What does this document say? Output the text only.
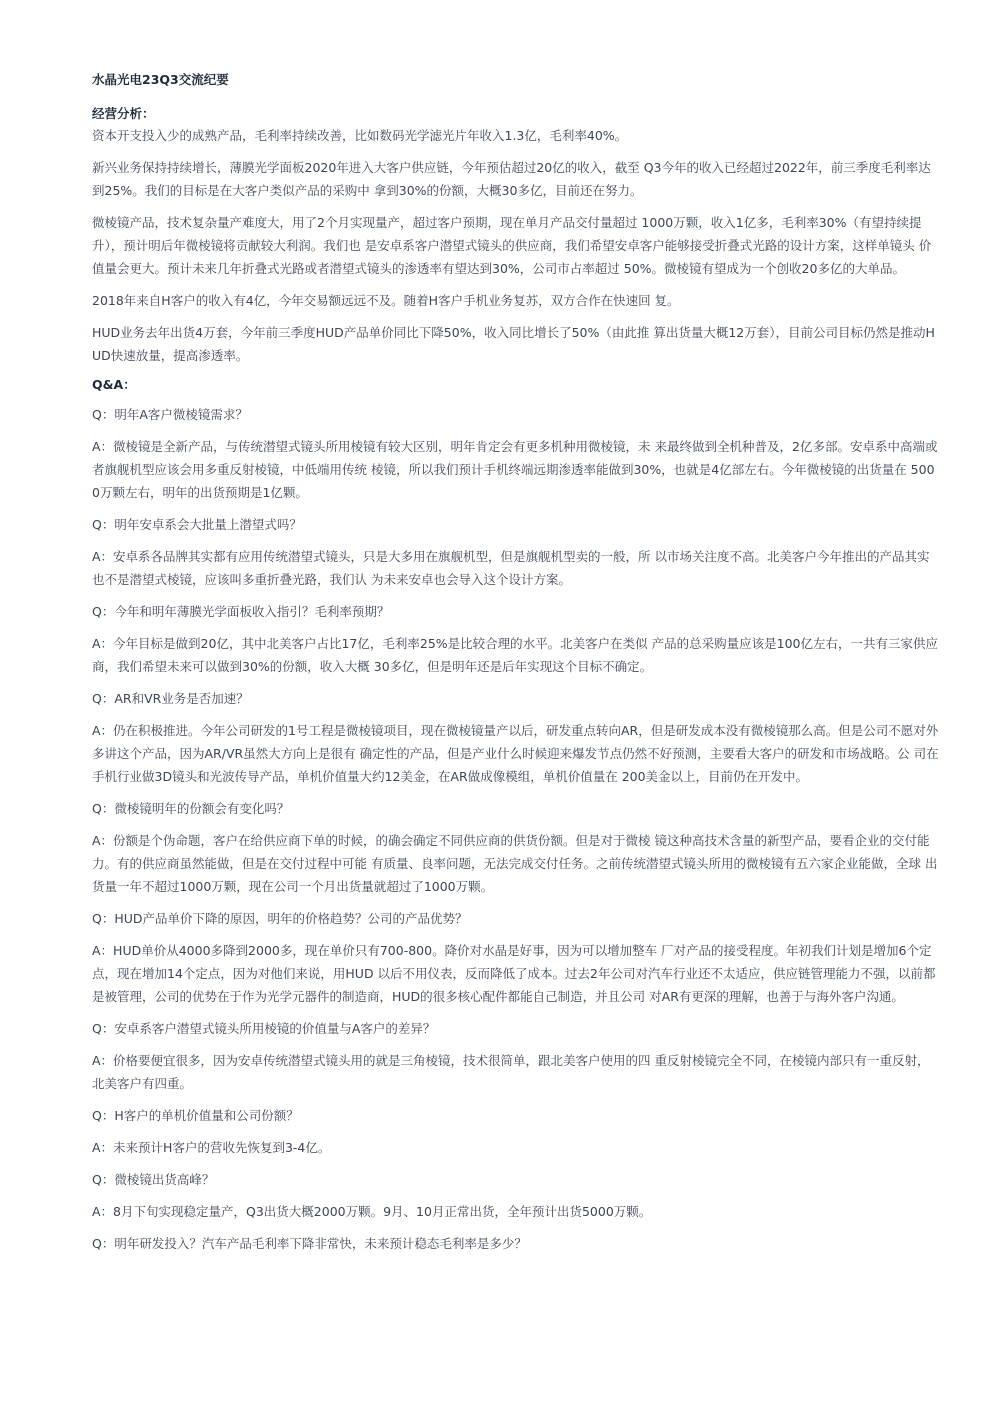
水晶光电23Q3交流纪要

经营分析：

资本开支投入少的成熟产品，毛利率持续改善，比如数码光学滤光片年收入1.3亿，毛利率40%。

新兴业务保持持续增长，薄膜光学面板2020年进入大客户供应链，今年预估超过20亿的收入，截至 Q3今年的收入已经超过2022年，前三季度毛利率达到25%。我们的目标是在大客户类似产品的采购中 拿到30%的份额，大概30多亿，目前还在努力。

微棱镜产品，技术复杂量产难度大，用了2个月实现量产，超过客户预期，现在单月产品交付量超过 1000万颗，收入1亿多，毛利率30%（有望持续提升），预计明后年微棱镜将贡献较大利润。我们也 是安卓系客户潜望式镜头的供应商，我们希望安卓客户能够接受折叠式光路的设计方案，这样单镜头 价值量会更大。预计未来几年折叠式光路或者潜望式镜头的渗透率有望达到30%，公司市占率超过 50%。微棱镜有望成为一个创收20多亿的大单品。

2018年来自H客户的收入有4亿，今年交易额远远不及。随着H客户手机业务复苏，双方合作在快速回 复。

HUD业务去年出货4万套，今年前三季度HUD产品单价同比下降50%，收入同比增长了50%（由此推 算出货量大概12万套），目前公司目标仍然是推动HUD快速放量，提高渗透率。

Q&A：

Q：明年A客户微棱镜需求？

A：微棱镜是全新产品，与传统潜望式镜头所用棱镜有较大区别，明年肯定会有更多机种用微棱镜，未 来最终做到全机种普及，2亿多部。安卓系中高端或者旗舰机型应该会用多重反射棱镜，中低端用传统 棱镜，所以我们预计手机终端远期渗透率能做到30%，也就是4亿部左右。今年微棱镜的出货量在 5000万颗左右，明年的出货预期是1亿颗。

Q：明年安卓系会大批量上潜望式吗？

A：安卓系各品牌其实都有应用传统潜望式镜头，只是大多用在旗舰机型，但是旗舰机型卖的一般，所 以市场关注度不高。北美客户今年推出的产品其实也不是潜望式棱镜，应该叫多重折叠光路，我们认 为未来安卓也会导入这个设计方案。

Q：今年和明年薄膜光学面板收入指引？毛利率预期？

A：今年目标是做到20亿，其中北美客户占比17亿，毛利率25%是比较合理的水平。北美客户在类似 产品的总采购量应该是100亿左右，一共有三家供应商，我们希望未来可以做到30%的份额，收入大概 30多亿，但是明年还是后年实现这个目标不确定。

Q：AR和VR业务是否加速？

A：仍在积极推进。今年公司研发的1号工程是微棱镜项目，现在微棱镜量产以后，研发重点转向AR，但是研发成本没有微棱镜那么高。但是公司不愿对外多讲这个产品，因为AR/VR虽然大方向上是很有 确定性的产品，但是产业什么时候迎来爆发节点仍然不好预测，主要看大客户的研发和市场战略。公 司在手机行业做3D镜头和光波传导产品，单机价值量大约12美金，在AR做成像模组，单机价值量在 200美金以上，目前仍在开发中。

Q：微棱镜明年的份额会有变化吗？

A：份额是个伪命题，客户在给供应商下单的时候，的确会确定不同供应商的供货份额。但是对于微棱 镜这种高技术含量的新型产品，要看企业的交付能力。有的供应商虽然能做，但是在交付过程中可能 有质量、良率问题，无法完成交付任务。之前传统潜望式镜头所用的微棱镜有五六家企业能做，全球 出货量一年不超过1000万颗，现在公司一个月出货量就超过了1000万颗。

Q：HUD产品单价下降的原因，明年的价格趋势？公司的产品优势？

A：HUD单价从4000多降到2000多，现在单价只有700-800。降价对水晶是好事，因为可以增加整车 厂对产品的接受程度。年初我们计划是增加6个定点，现在增加14个定点，因为对他们来说，用HUD 以后不用仪表，反而降低了成本。过去2年公司对汽车行业还不太适应，供应链管理能力不强，以前都 是被管理，公司的优势在于作为光学元器件的制造商，HUD的很多核心配件都能自己制造，并且公司 对AR有更深的理解，也善于与海外客户沟通。

Q：安卓系客户潜望式镜头所用棱镜的价值量与A客户的差异？

A：价格要便宜很多，因为安卓传统潜望式镜头用的就是三角棱镜，技术很简单，跟北美客户使用的四 重反射棱镜完全不同，在棱镜内部只有一重反射，北美客户有四重。

Q：H客户的单机价值量和公司份额？

A：未来预计H客户的营收先恢复到3-4亿。

Q：微棱镜出货高峰？

A：8月下旬实现稳定量产，Q3出货大概2000万颗。9月、10月正常出货，全年预计出货5000万颗。

Q：明年研发投入？汽车产品毛利率下降非常快，未来预计稳态毛利率是多少？
